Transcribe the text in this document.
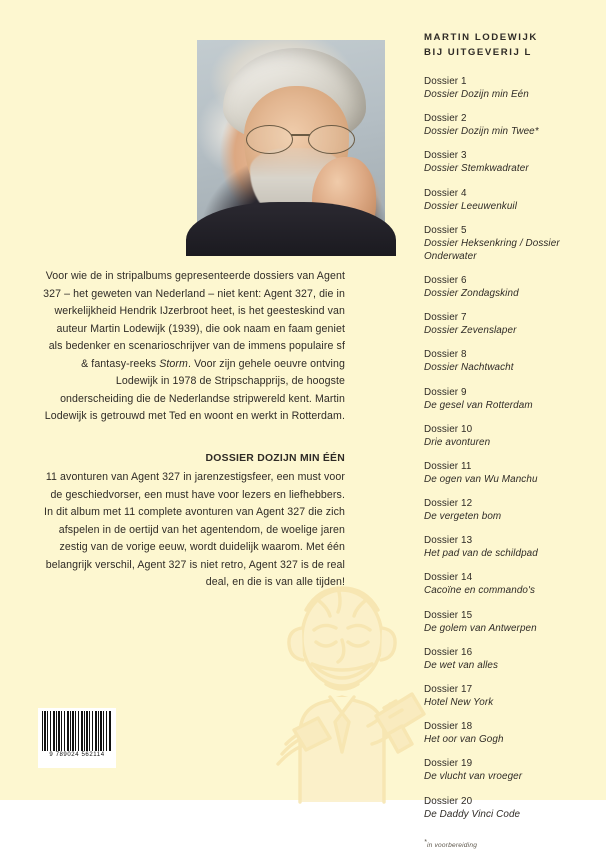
Voor wie de in stripalbums gepresenteerde dossiers van Agent 327 – het geweten van Nederland – niet kent: Agent 327, die in werkelijkheid Hendrik IJzerbroot heet, is het geesteskind van auteur Martin Lodewijk (1939), die ook naam en faam geniet als bedenker en scenarioschrijver van de immens populaire sf & fantasy-reeks Storm. Voor zijn gehele oeuvre ontving Lodewijk in 1978 de Stripschapprijs, de hoogste onderscheiding die de Nederlandse stripwereld kent. Martin Lodewijk is getrouwd met Ted en woont en werkt in Rotterdam.

DOSSIER DOZIJN MIN ÉÉN

11 avonturen van Agent 327 in jarenzestigsfeer, een must voor de geschiedvorser, een must have voor lezers en liefhebbers. In dit album met 11 complete avonturen van Agent 327 die zich afspelen in de oertijd van het agentendom, de woelige jaren zestig van de vorige eeuw, wordt duidelijk waarom. Met één belangrijk verschil, Agent 327 is niet retro, Agent 327 is de real deal, en die is van alle tijden!

9 789024 562114
MARTIN LODEWIJK
BIJ UITGEVERIJ L
Dossier 1
Dossier Dozijn min Eén
Dossier 2
Dossier Dozijn min Twee*
Dossier 3
Dossier Stemkwadrater
Dossier 4
Dossier Leeuwenkuil
Dossier 5
Dossier Heksenkring / Dossier Onderwater
Dossier 6
Dossier Zondagskind
Dossier 7
Dossier Zevenslaper
Dossier 8
Dossier Nachtwacht
Dossier 9
De gesel van Rotterdam
Dossier 10
Drie avonturen
Dossier 11
De ogen van Wu Manchu
Dossier 12
De vergeten bom
Dossier 13
Het pad van de schildpad
Dossier 14
Cacoïne en commando's
Dossier 15
De golem van Antwerpen
Dossier 16
De wet van alles
Dossier 17
Hotel New York
Dossier 18
Het oor van Gogh
Dossier 19
De vlucht van vroeger
Dossier 20
De Daddy Vinci Code
*in voorbereiding
